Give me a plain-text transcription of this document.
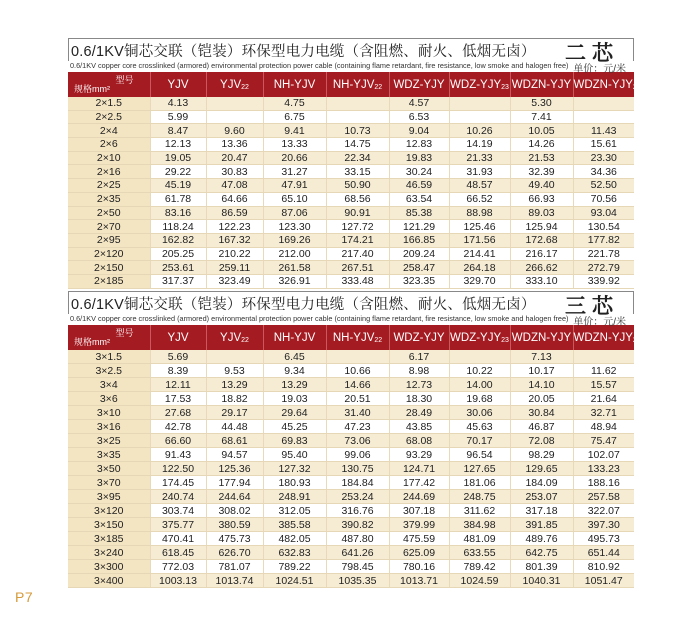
0.6/1KV铜芯交联（铠装）环保型电力电缆（含阻燃、耐火、低烟无卤） 二芯
0.6/1KV copper core crosslinked (armored) environmental protection power cable (containing flame retardant, fire resistance, low smoke and halogen free) 单价：元/米
型号
规格mm²	YJV	$YJV_{22}$	NH-YJV	$NH-YJV_{22}$	WDZ-YJY	WDZ-$YJY_{23}$	WDZN-YJY	WDZN-$YJY_{23}$
2×1.5	4.13		4.75		4.57		5.30	
2×2.5	5.99		6.75		6.53		7.41	
2×4	8.47	9.60	9.41	10.73	9.04	10.26	10.05	11.43
2×6	12.13	13.36	13.33	14.75	12.83	14.19	14.26	15.61
2×10	19.05	20.47	20.66	22.34	19.83	21.33	21.53	23.30
2×16	29.22	30.83	31.27	33.15	30.24	31.93	32.39	34.36
2×25	45.19	47.08	47.91	50.90	46.59	48.57	49.40	52.50
2×35	61.78	64.66	65.10	68.56	63.54	66.52	66.93	70.56
2×50	83.16	86.59	87.06	90.91	85.38	88.98	89.03	93.04
2×70	118.24	122.23	123.30	127.72	121.29	125.46	125.94	130.54
2×95	162.82	167.32	169.26	174.21	166.85	171.56	172.68	177.82
2×120	205.25	210.22	212.00	217.40	209.24	214.41	216.17	221.78
2×150	253.61	259.11	261.58	267.51	258.47	264.18	266.62	272.79
2×185	317.37	323.49	326.91	333.48	323.35	329.70	333.10	339.92
0.6/1KV铜芯交联（铠装）环保型电力电缆（含阻燃、耐火、低烟无卤） 三芯
0.6/1KV copper core crosslinked (armored) environmental protection power cable (containing flame retardant, fire resistance, low smoke and halogen free) 单价：元/米
型号
规格mm²	YJV	$YJV_{22}$	NH-YJV	$NH-YJV_{22}$	WDZ-YJY	WDZ-$YJY_{23}$	WDZN-YJY	WDZN-$YJY_{23}$
3×1.5	5.69		6.45		6.17		7.13	
3×2.5	8.39	9.53	9.34	10.66	8.98	10.22	10.17	11.62
3×4	12.11	13.29	13.29	14.66	12.73	14.00	14.10	15.57
3×6	17.53	18.82	19.03	20.51	18.30	19.68	20.05	21.64
3×10	27.68	29.17	29.64	31.40	28.49	30.06	30.84	32.71
3×16	42.78	44.48	45.25	47.23	43.85	45.63	46.87	48.94
3×25	66.60	68.61	69.83	73.06	68.08	70.17	72.08	75.47
3×35	91.43	94.57	95.40	99.06	93.29	96.54	98.29	102.07
3×50	122.50	125.36	127.32	130.75	124.71	127.65	129.65	133.23
3×70	174.45	177.94	180.93	184.84	177.42	181.06	184.09	188.16
3×95	240.74	244.64	248.91	253.24	244.69	248.75	253.07	257.58
3×120	303.74	308.02	312.05	316.76	307.18	311.62	317.18	322.07
3×150	375.77	380.59	385.58	390.82	379.99	384.98	391.85	397.30
3×185	470.41	475.73	482.05	487.80	475.59	481.09	489.76	495.73
3×240	618.45	626.70	632.83	641.26	625.09	633.55	642.75	651.44
3×300	772.03	781.07	789.22	798.45	780.16	789.42	801.39	810.92
3×400	1003.13	1013.74	1024.51	1035.35	1013.71	1024.59	1040.31	1051.47
P7
